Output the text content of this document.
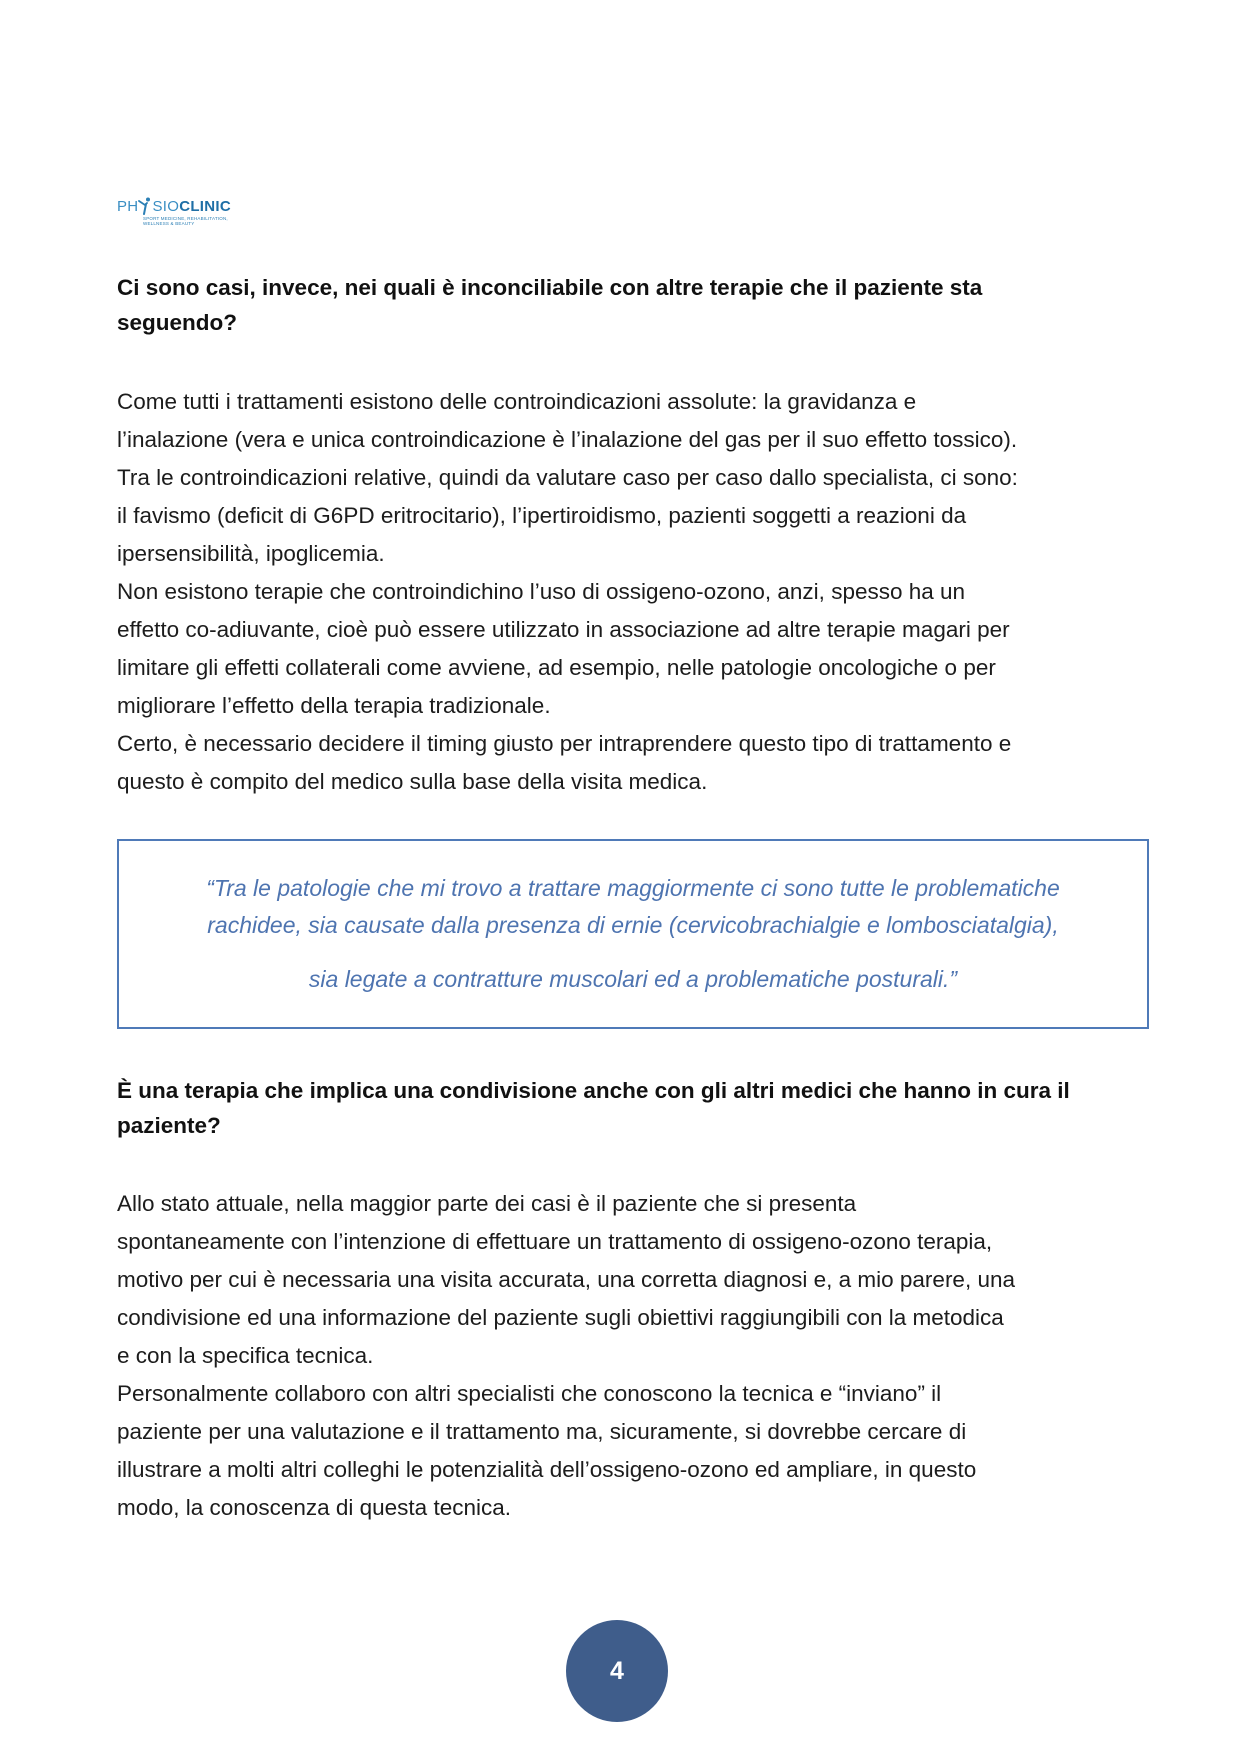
PH SIOCLINIC
SPORT MEDICINE, REHABILITATION, WELLNESS & BEAUTY
Ci sono casi, invece, nei quali è inconciliabile con altre terapie che il paziente sta
seguendo?
Come tutti i trattamenti esistono delle controindicazioni assolute: la gravidanza e
l’inalazione (vera e unica controindicazione è l’inalazione del gas per il suo effetto tossico).
Tra le controindicazioni relative, quindi da valutare caso per caso dallo specialista, ci sono:
il favismo (deficit di G6PD eritrocitario), l’ipertiroidismo, pazienti soggetti a reazioni da
ipersensibilità, ipoglicemia.
Non esistono terapie che controindichino l’uso di ossigeno-ozono, anzi, spesso ha un
effetto co-adiuvante, cioè può essere utilizzato in associazione ad altre terapie magari per
limitare gli effetti collaterali come avviene, ad esempio, nelle patologie oncologiche o per
migliorare l’effetto della terapia tradizionale.
Certo, è necessario decidere il timing giusto per intraprendere questo tipo di trattamento e
questo è compito del medico sulla base della visita medica.

“Tra le patologie che mi trovo a trattare maggiormente ci sono tutte le problematiche

rachidee, sia causate dalla presenza di ernie (cervicobrachialgie e lombosciatalgia),

sia legate a contratture muscolari ed a problematiche posturali.”

È una terapia che implica una condivisione anche con gli altri medici che hanno in cura il
paziente?
Allo stato attuale, nella maggior parte dei casi è il paziente che si presenta
spontaneamente con l’intenzione di effettuare un trattamento di ossigeno-ozono terapia,
motivo per cui è necessaria una visita accurata, una corretta diagnosi e, a mio parere, una
condivisione ed una informazione del paziente sugli obiettivi raggiungibili con la metodica
e con la specifica tecnica.
Personalmente collaboro con altri specialisti che conoscono la tecnica e “inviano” il
paziente per una valutazione e il trattamento ma, sicuramente, si dovrebbe cercare di
illustrare a molti altri colleghi le potenzialità dell’ossigeno-ozono ed ampliare, in questo
modo, la conoscenza di questa tecnica.
4
